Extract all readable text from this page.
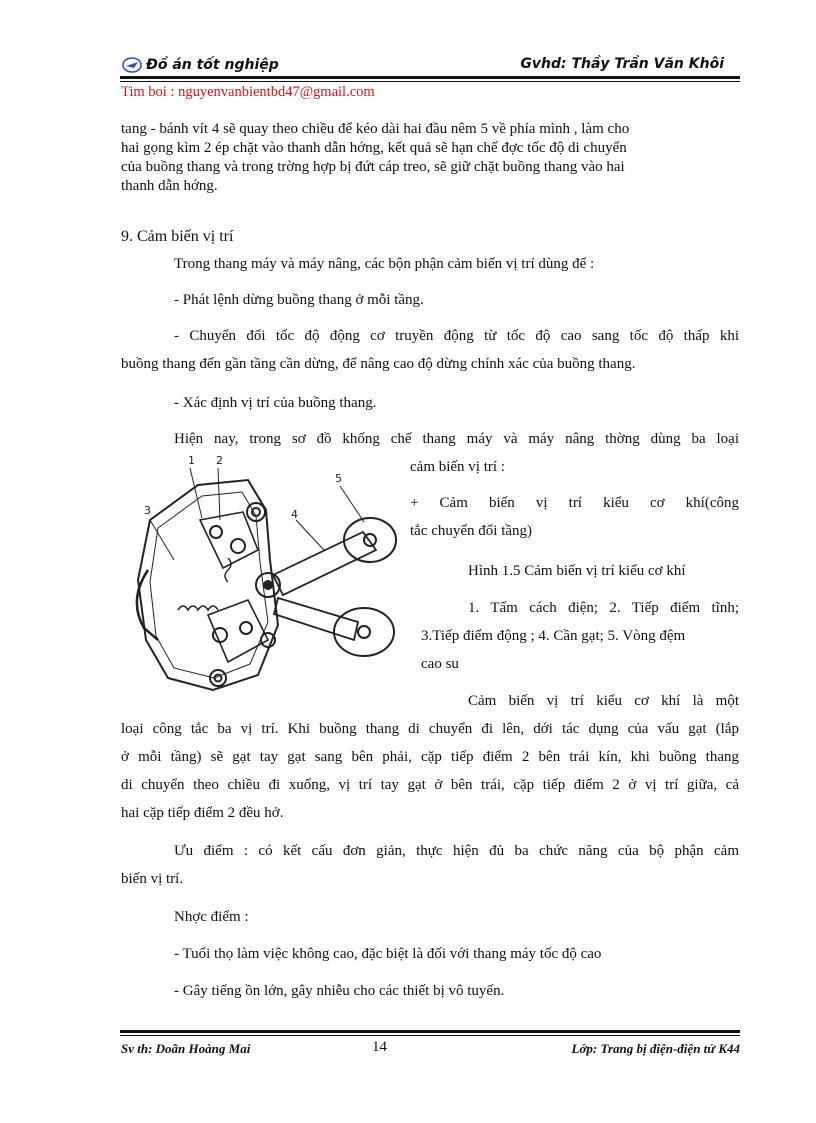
Đồ án tốt nghiệp	Gvhd: Thầy Trần Văn Khôi
Tim boi : nguyenvanbientbd47@gmail.com

tang - bánh vít 4 sẽ quay theo chiều để kéo dài hai đầu nêm 5 về phía mình , làm cho

hai gọng kìm 2 ép chặt vào thanh dẫn hớng, kết quả sẽ hạn chế đợc tốc độ di chuyển

của buồng thang và trong trờng hợp bị đứt cáp treo, sẽ giữ chặt buồng thang vào hai

thanh dẫn hớng.

9. Cảm biến vị trí

Trong thang máy và máy nâng, các bộn phận cảm biến vị trí dùng để :

- Phát lệnh dừng buồng thang ở mỗi tầng.

- Chuyển đổi tốc độ động cơ truyền động từ tốc độ cao sang tốc độ thấp khi

buồng thang đến gần tầng cần dừng, để nâng cao độ dừng chính xác của buồng thang.

- Xác định vị trí của buồng thang.

Hiện nay, trong sơ đồ khống chế thang máy và máy nâng thờng dùng ba loại

cảm biến vị trí :

1 2
3	4
5

+ Cảm biến vị trí kiểu cơ khí(công

tắc chuyển đổi tầng)

Hình 1.5 Cảm biến vị trí kiểu cơ khí

1. Tấm cách điện; 2. Tiếp điểm tĩnh;

3.Tiếp điểm động ; 4. Cần gạt; 5. Vòng đệm

cao su

Cảm biến vị trí kiểu cơ khí là một

loại công tắc ba vị trí. Khi buồng thang di chuyển đi lên, dới tác dụng của vấu gạt (lắp

ở mỗi tầng) sẽ gạt tay gạt sang bên phải, cặp tiếp điểm 2 bên trái kín, khi buồng thang

di chuyển theo chiều đi xuống, vị trí tay gạt ở bên trái, cặp tiếp điểm 2 ở vị trí giữa, cả

hai cặp tiếp điểm 2 đều hở.

Ưu điểm : có kết cấu đơn giản, thực hiện đủ ba chức năng của bộ phận cảm

biến vị trí.

Nhợc điểm :

- Tuổi thọ làm việc không cao, đặc biệt là đối với thang máy tốc độ cao

- Gây tiếng ồn lớn, gây nhiễu cho các thiết bị vô tuyến.

Sv th: Doãn Hoàng Mai	14	Lớp: Trang bị điện-điện tử K44
